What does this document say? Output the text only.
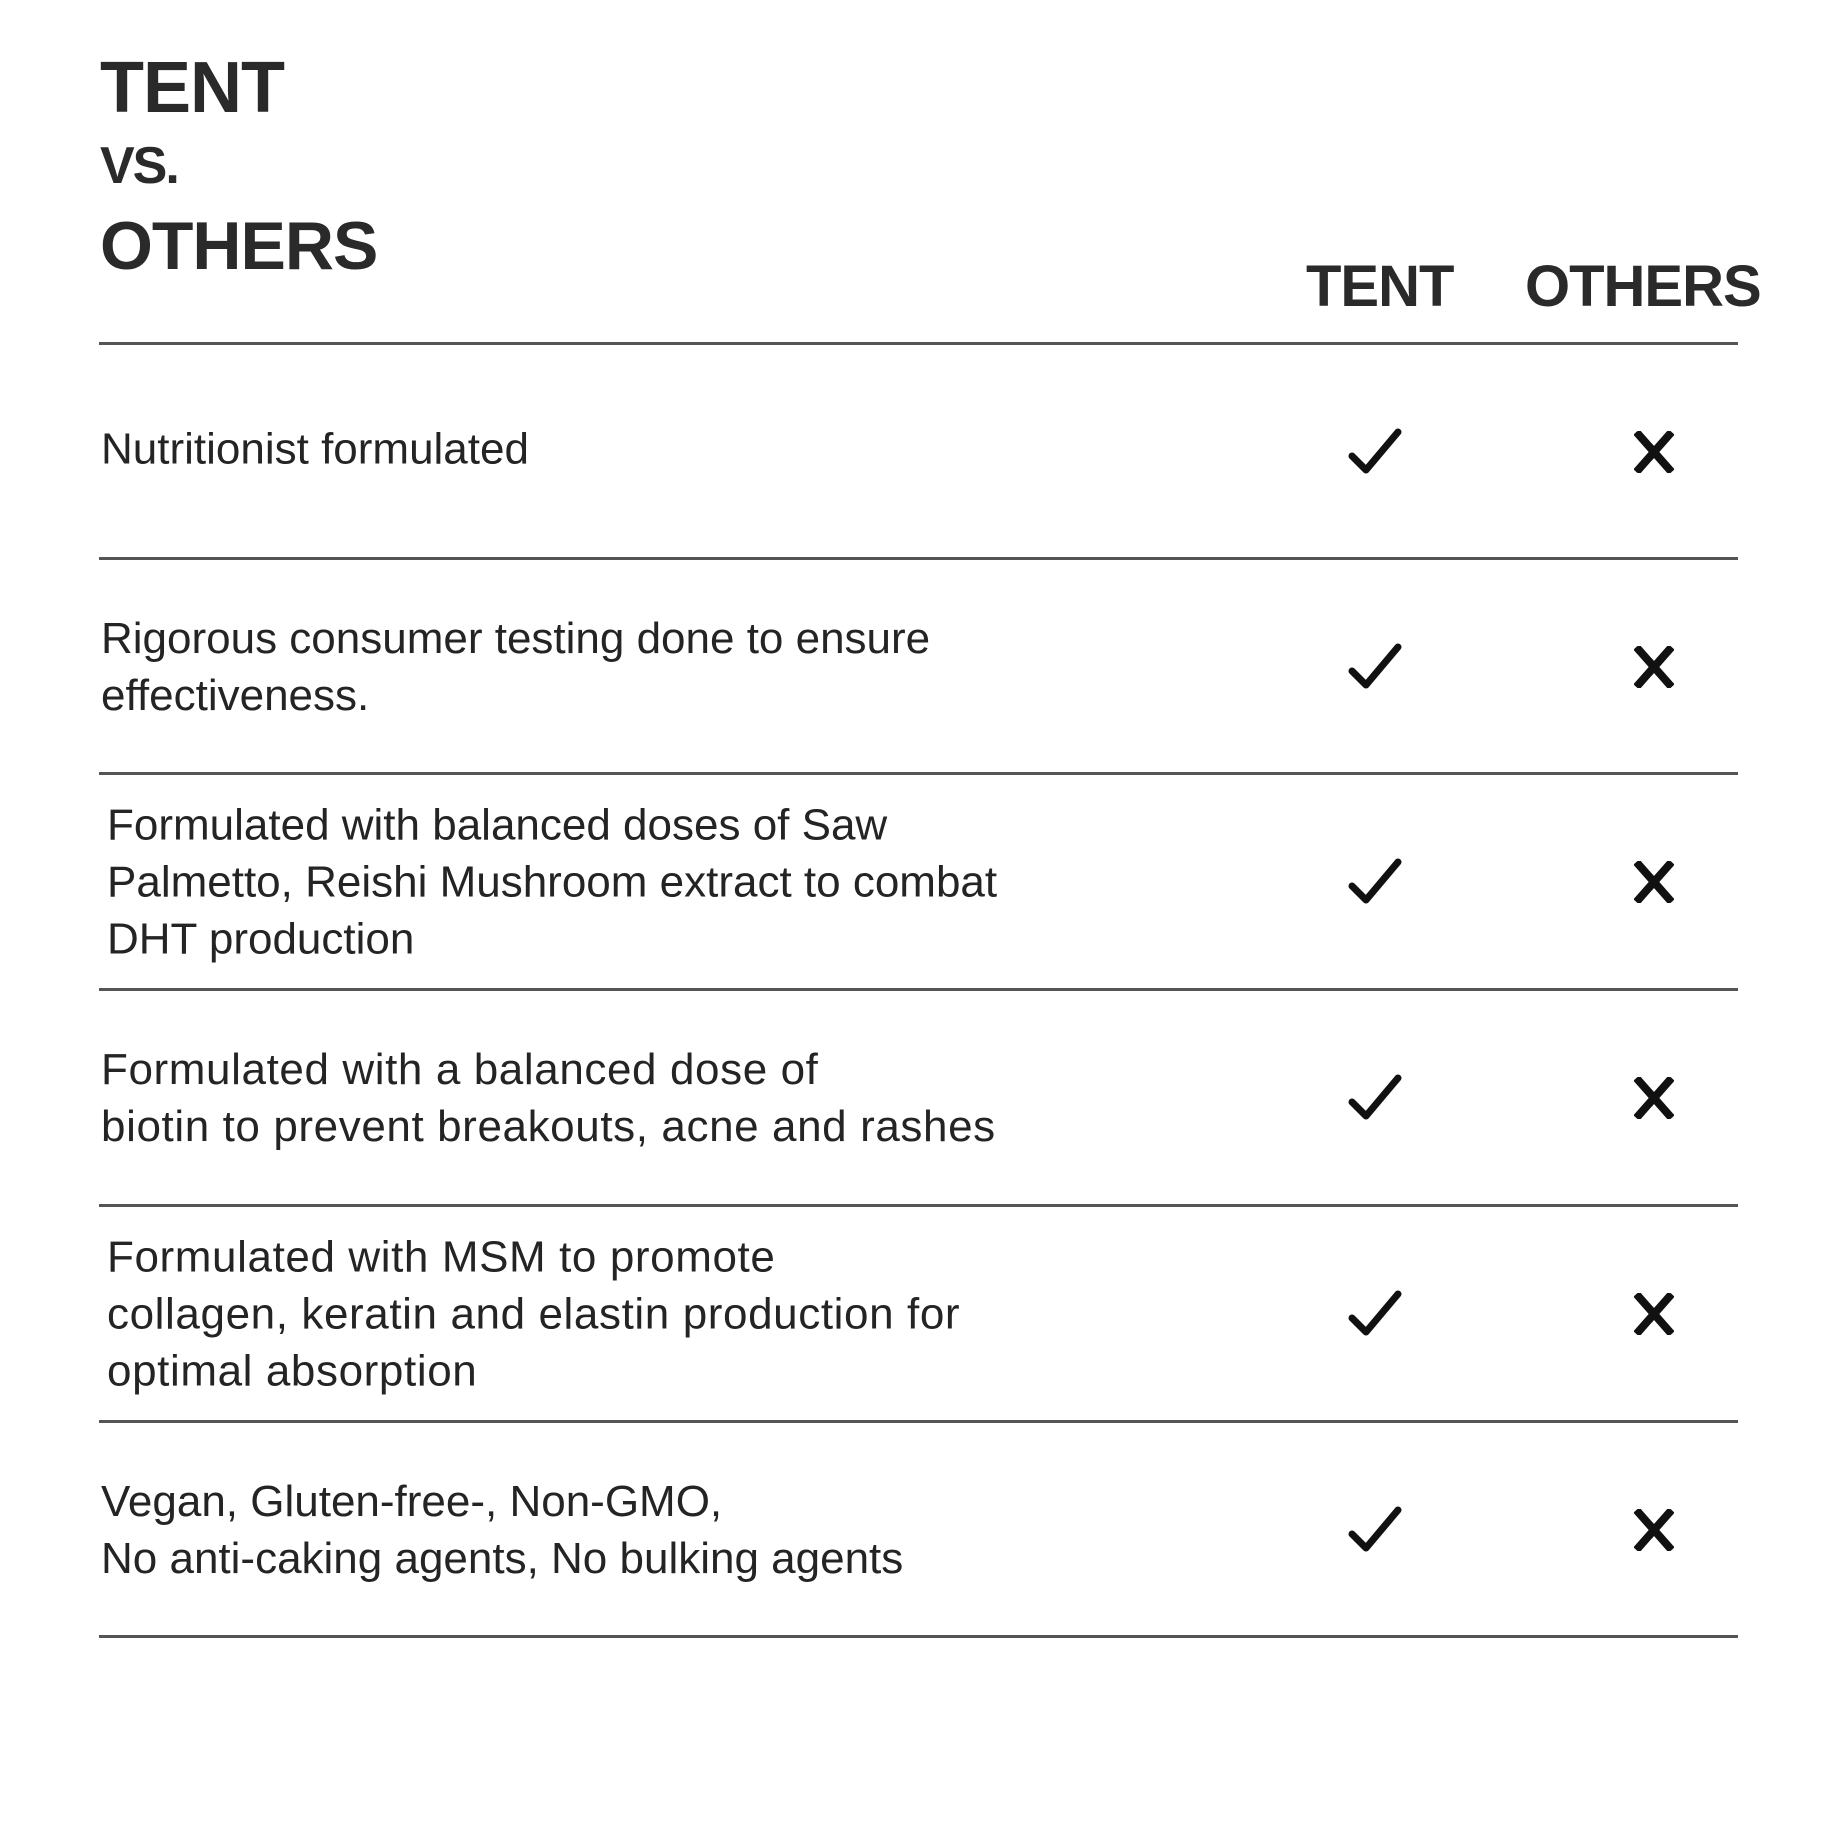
TENT
VS.
OTHERS
TENT OTHERS
Nutritionist formulated
Rigorous consumer testing done to ensure
effectiveness.
Formulated with balanced doses of Saw
Palmetto, Reishi Mushroom extract to combat
DHT production
Formulated with a balanced dose of
biotin to prevent breakouts, acne and rashes
Formulated with MSM to promote
collagen, keratin and elastin production for
optimal absorption
Vegan, Gluten-free-, Non-GMO,
No anti-caking agents, No bulking agents
